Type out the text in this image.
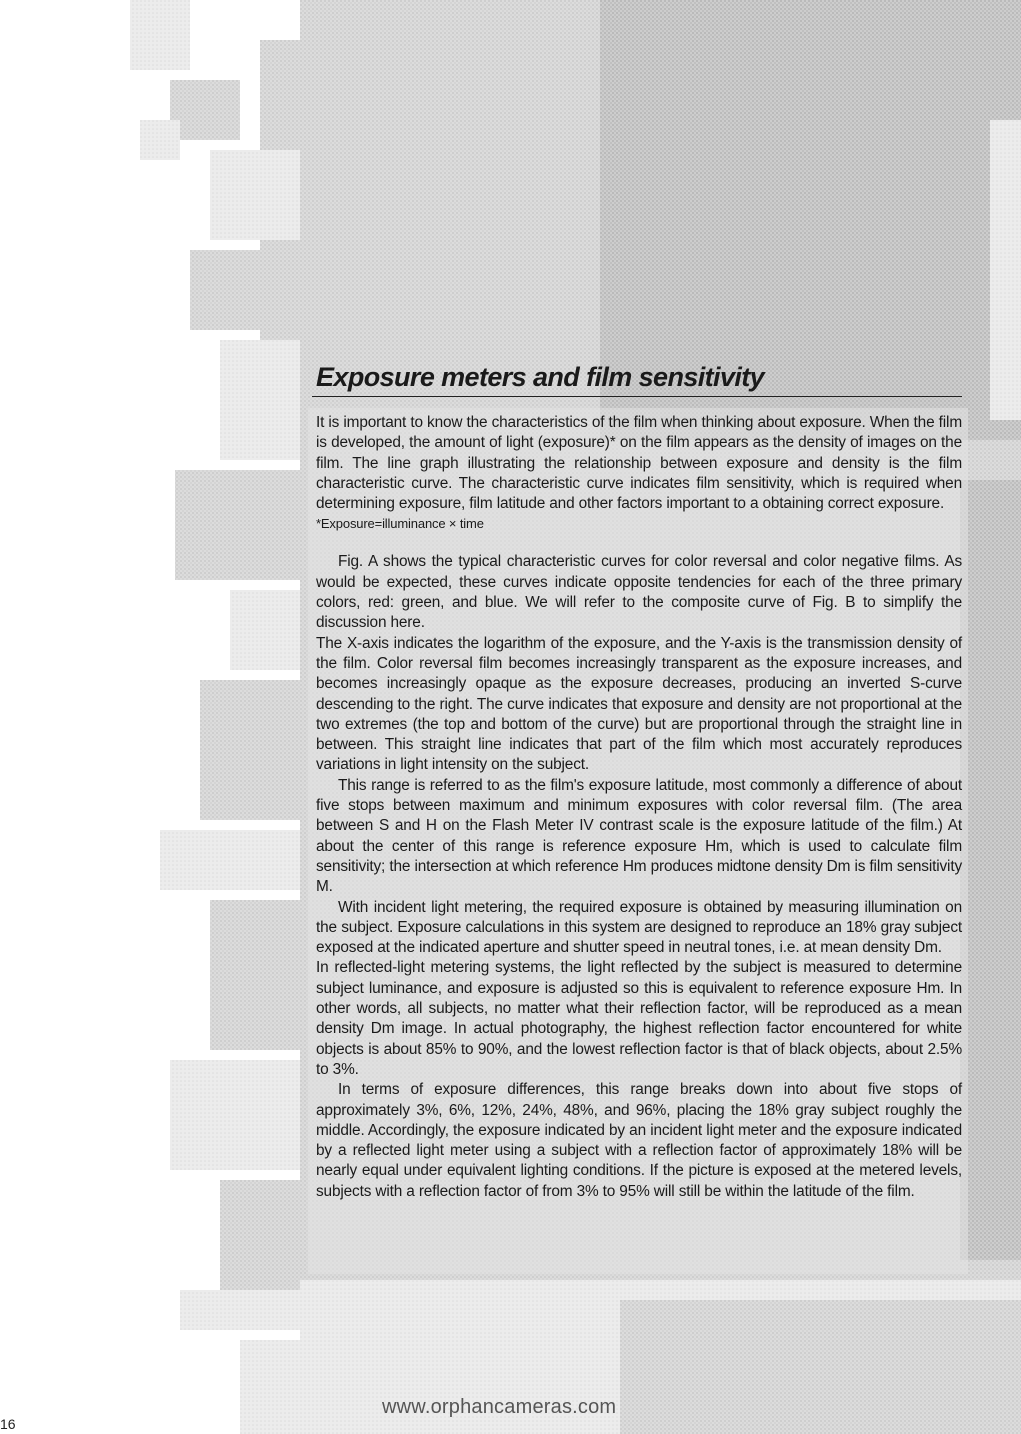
Exposure meters and film sensitivity

It is important to know the characteristics of the film when thinking about exposure. When the film is developed, the amount of light (exposure)* on the film appears as the density of images on the film. The line graph illustrating the relationship between exposure and density is the film characteristic curve. The characteristic curve indicates film sensitivity, which is required when determining exposure, film latitude and other factors important to a obtaining correct exposure.

*Exposure=illuminance × time

Fig. A shows the typical characteristic curves for color reversal and color negative films. As would be expected, these curves indicate opposite tendencies for each of the three primary colors, red: green, and blue. We will refer to the composite curve of Fig. B to simplify the discussion here.

The X-axis indicates the logarithm of the exposure, and the Y-axis is the transmission density of the film. Color reversal film becomes increasingly transparent as the exposure increases, and becomes increasingly opaque as the exposure decreases, producing an inverted S-curve descending to the right. The curve indicates that exposure and density are not proportional at the two extremes (the top and bottom of the curve) but are proportional through the straight line in between. This straight line indicates that part of the film which most accurately reproduces variations in light intensity on the subject.

This range is referred to as the film's exposure latitude, most commonly a difference of about five stops between maximum and minimum exposures with color reversal film. (The area between S and H on the Flash Meter IV contrast scale is the exposure latitude of the film.) At about the center of this range is reference exposure Hm, which is used to calculate film sensitivity; the intersection at which reference Hm produces midtone density Dm is film sensitivity M.

With incident light metering, the required exposure is obtained by measuring illumination on the subject. Exposure calculations in this system are designed to reproduce an 18% gray subject exposed at the indicated aperture and shutter speed in neutral tones, i.e. at mean density Dm.

In reflected-light metering systems, the light reflected by the subject is measured to determine subject luminance, and exposure is adjusted so this is equivalent to reference exposure Hm. In other words, all subjects, no matter what their reflection factor, will be reproduced as a mean density Dm image. In actual photography, the highest reflection factor encountered for white objects is about 85% to 90%, and the lowest reflection factor is that of black objects, about 2.5% to 3%.

In terms of exposure differences, this range breaks down into about five stops of approximately 3%, 6%, 12%, 24%, 48%, and 96%, placing the 18% gray subject roughly the middle. Accordingly, the exposure indicated by an incident light meter and the exposure indicated by a reflected light meter using a subject with a reflection factor of approximately 18% will be nearly equal under equivalent lighting conditions. If the picture is exposed at the metered levels, subjects with a reflection factor of from 3% to 95% will still be within the latitude of the film.

www.orphancameras.com
16
